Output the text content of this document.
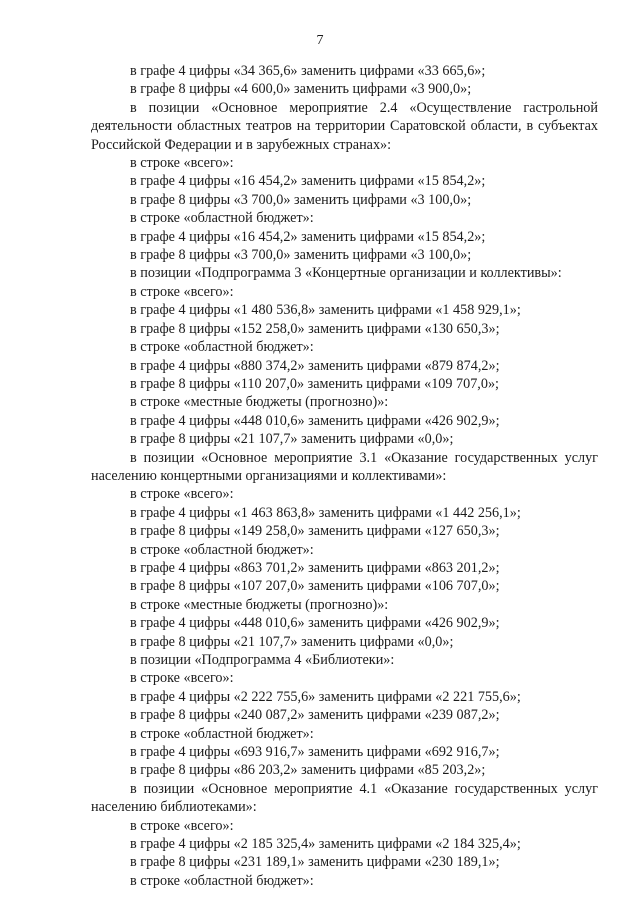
7
в графе 4 цифры «34 365,6» заменить цифрами «33 665,6»;
в графе 8 цифры «4 600,0» заменить цифрами «3 900,0»;
в позиции «Основное мероприятие 2.4 «Осуществление гастрольной деятельности областных театров на территории Саратовской области, в субъектах Российской Федерации и в зарубежных странах»:
в строке «всего»:
в графе 4 цифры «16 454,2» заменить цифрами «15 854,2»;
в графе 8 цифры «3 700,0» заменить цифрами «3 100,0»;
в строке «областной бюджет»:
в графе 4 цифры «16 454,2» заменить цифрами «15 854,2»;
в графе 8 цифры «3 700,0» заменить цифрами «3 100,0»;
в позиции «Подпрограмма 3 «Концертные организации и коллективы»:
в строке «всего»:
в графе 4 цифры «1 480 536,8» заменить цифрами «1 458 929,1»;
в графе 8 цифры «152 258,0» заменить цифрами «130 650,3»;
в строке «областной бюджет»:
в графе 4 цифры «880 374,2» заменить цифрами «879 874,2»;
в графе 8 цифры «110 207,0» заменить цифрами «109 707,0»;
в строке «местные бюджеты (прогнозно)»:
в графе 4 цифры «448 010,6» заменить цифрами «426 902,9»;
в графе 8 цифры «21 107,7» заменить цифрами «0,0»;
в позиции «Основное мероприятие 3.1 «Оказание государственных услуг населению концертными организациями и коллективами»:
в строке «всего»:
в графе 4 цифры «1 463 863,8» заменить цифрами «1 442 256,1»;
в графе 8 цифры «149 258,0» заменить цифрами «127 650,3»;
в строке «областной бюджет»:
в графе 4 цифры «863 701,2» заменить цифрами «863 201,2»;
в графе 8 цифры «107 207,0» заменить цифрами «106 707,0»;
в строке «местные бюджеты (прогнозно)»:
в графе 4 цифры «448 010,6» заменить цифрами «426 902,9»;
в графе 8 цифры «21 107,7» заменить цифрами «0,0»;
в позиции «Подпрограмма 4 «Библиотеки»:
в строке «всего»:
в графе 4 цифры «2 222 755,6» заменить цифрами «2 221 755,6»;
в графе 8 цифры «240 087,2» заменить цифрами «239 087,2»;
в строке «областной бюджет»:
в графе 4 цифры «693 916,7» заменить цифрами «692 916,7»;
в графе 8 цифры «86 203,2» заменить цифрами «85 203,2»;
в позиции «Основное мероприятие 4.1 «Оказание государственных услуг населению библиотеками»:
в строке «всего»:
в графе 4 цифры «2 185 325,4» заменить цифрами «2 184 325,4»;
в графе 8 цифры «231 189,1» заменить цифрами «230 189,1»;
в строке «областной бюджет»:
